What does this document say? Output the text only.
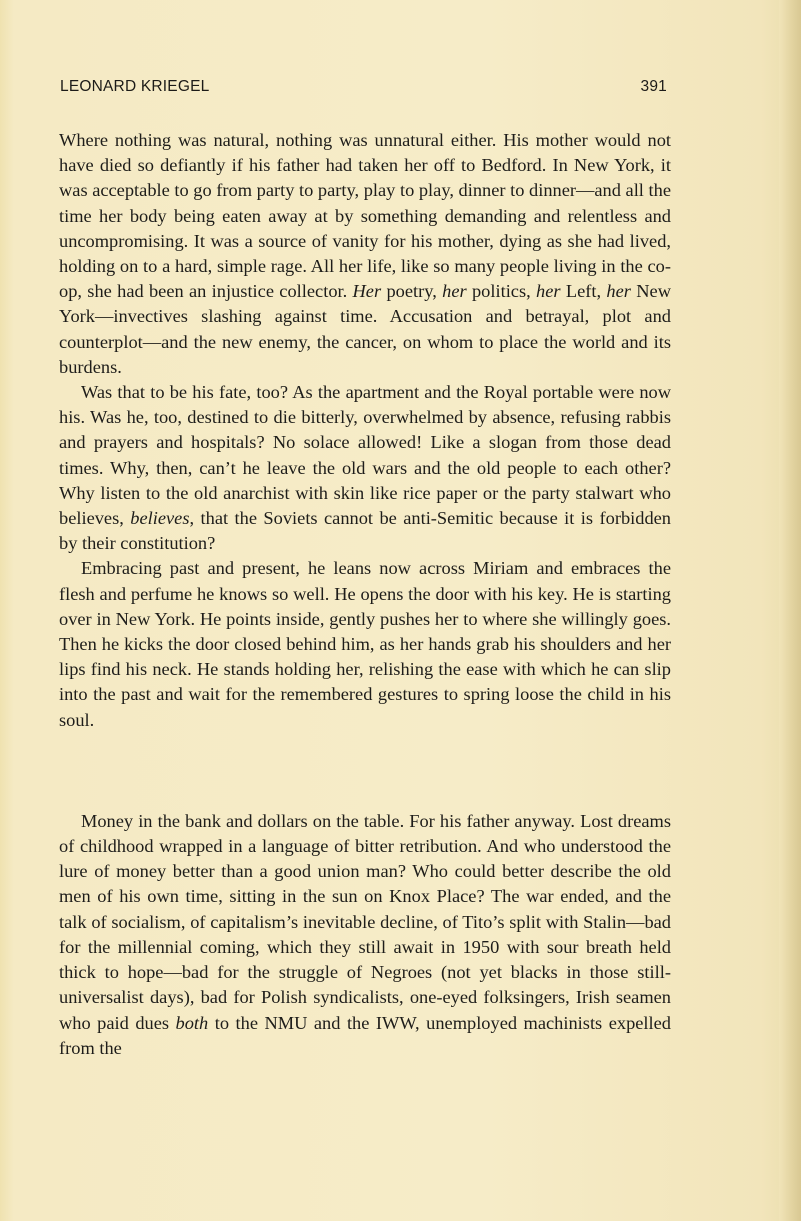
LEONARD KRIEGEL	391

Where nothing was natural, nothing was unnatural either. His mother would not have died so defiantly if his father had taken her off to Bedford. In New York, it was acceptable to go from party to party, play to play, dinner to dinner—and all the time her body being eaten away at by something demanding and relentless and uncompromising. It was a source of vanity for his mother, dying as she had lived, holding on to a hard, simple rage. All her life, like so many people living in the co-op, she had been an injustice collector. Her poetry, her politics, her Left, her New York—invectives slashing against time. Accusation and betrayal, plot and counterplot—and the new enemy, the cancer, on whom to place the world and its burdens.

Was that to be his fate, too? As the apartment and the Royal portable were now his. Was he, too, destined to die bitterly, overwhelmed by absence, refusing rabbis and prayers and hospitals? No solace allowed! Like a slogan from those dead times. Why, then, can’t he leave the old wars and the old people to each other? Why listen to the old anarchist with skin like rice paper or the party stalwart who believes, believes, that the Soviets cannot be anti-Semitic because it is forbidden by their constitution?

Embracing past and present, he leans now across Miriam and embraces the flesh and perfume he knows so well. He opens the door with his key. He is starting over in New York. He points inside, gently pushes her to where she willingly goes. Then he kicks the door closed behind him, as her hands grab his shoulders and her lips find his neck. He stands holding her, relishing the ease with which he can slip into the past and wait for the remembered gestures to spring loose the child in his soul.

Money in the bank and dollars on the table. For his father anyway. Lost dreams of childhood wrapped in a language of bitter retribution. And who understood the lure of money better than a good union man? Who could better describe the old men of his own time, sitting in the sun on Knox Place? The war ended, and the talk of socialism, of capitalism’s inevitable decline, of Tito’s split with Stalin—bad for the millennial coming, which they still await in 1950 with sour breath held thick to hope—bad for the struggle of Negroes (not yet blacks in those still-universalist days), bad for Polish syndicalists, one-eyed folksingers, Irish seamen who paid dues both to the NMU and the IWW, unemployed machinists expelled from the
